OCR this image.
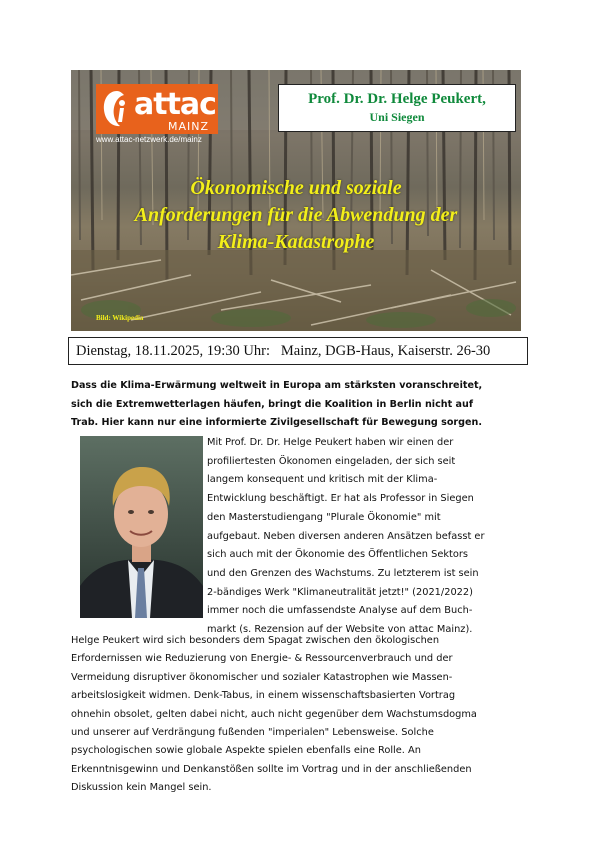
attac
MAINZ
www.attac-netzwerk.de/mainz
Prof. Dr. Dr. Helge Peukert,
Uni Siegen
Ökonomische und soziale
Anforderungen für die Abwendung der
Klima-Katastrophe
Bild: Wikipedia
Dienstag, 18.11.2025, 19:30 Uhr: Mainz, DGB-Haus, Kaiserstr. 26-30
Dass die Klima-Erwärmung weltweit in Europa am stärksten voranschreitet,
sich die Extremwetterlagen häufen, bringt die Koalition in Berlin nicht auf
Trab. Hier kann nur eine informierte Zivilgesellschaft für Bewegung sorgen.
Mit Prof. Dr. Dr. Helge Peukert haben wir einen der
profiliertesten Ökonomen eingeladen, der sich seit
langem konsequent und kritisch mit der Klima-
Entwicklung beschäftigt. Er hat als Professor in Siegen
den Masterstudiengang "Plurale Ökonomie" mit
aufgebaut. Neben diversen anderen Ansätzen befasst er
sich auch mit der Ökonomie des Öffentlichen Sektors
und den Grenzen des Wachstums. Zu letzterem ist sein
2-bändiges Werk "Klimaneutralität jetzt!" (2021/2022)
immer noch die umfassendste Analyse auf dem Buch-
markt (s. Rezension auf der Website von attac Mainz).
Helge Peukert wird sich besonders dem Spagat zwischen den ökologischen
Erfordernissen wie Reduzierung von Energie- & Ressourcenverbrauch und der
Vermeidung disruptiver ökonomischer und sozialer Katastrophen wie Massen-
arbeitslosigkeit widmen. Denk-Tabus, in einem wissenschaftsbasierten Vortrag
ohnehin obsolet, gelten dabei nicht, auch nicht gegenüber dem Wachstumsdogma
und unserer auf Verdrängung fußenden "imperialen" Lebensweise. Solche
psychologischen sowie globale Aspekte spielen ebenfalls eine Rolle. An
Erkenntnisgewinn und Denkanstößen sollte im Vortrag und in der anschließenden
Diskussion kein Mangel sein.
